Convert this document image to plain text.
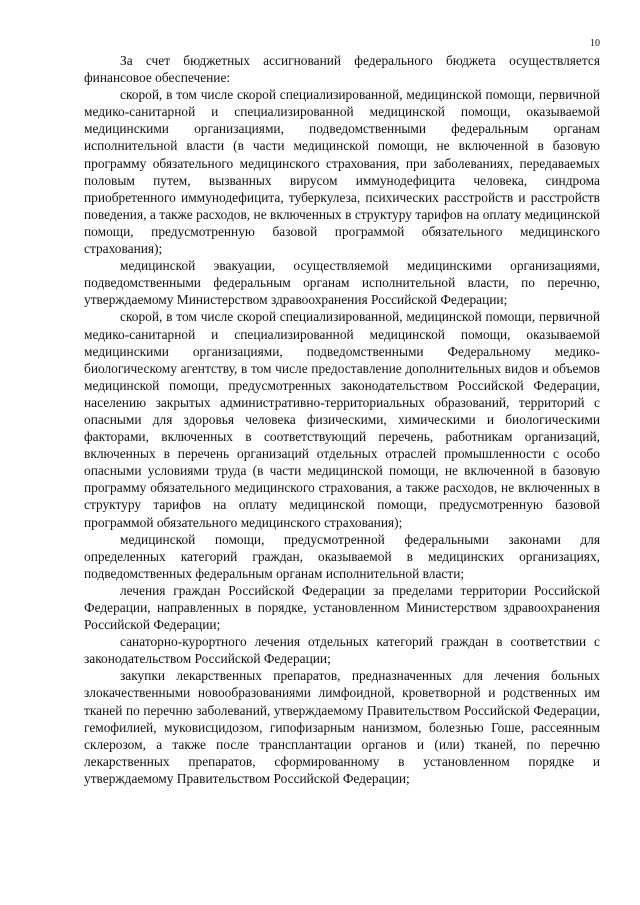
10

За счет бюджетных ассигнований федерального бюджета осуществляется финансовое обеспечение:

скорой, в том числе скорой специализированной, медицинской помощи, первичной медико-санитарной и специализированной медицинской помощи, оказываемой медицинскими организациями, подведомственными федеральным органам исполнительной власти (в части медицинской помощи, не включенной в базовую программу обязательного медицинского страхования, при заболеваниях, передаваемых половым путем, вызванных вирусом иммунодефицита человека, синдрома приобретенного иммунодефицита, туберкулеза, психических расстройств и расстройств поведения, а также расходов, не включенных в структуру тарифов на оплату медицинской помощи, предусмотренную базовой программой обязательного медицинского страхования);

медицинской эвакуации, осуществляемой медицинскими организациями, подведомственными федеральным органам исполнительной власти, по перечню, утверждаемому Министерством здравоохранения Российской Федерации;

скорой, в том числе скорой специализированной, медицинской помощи, первичной медико-санитарной и специализированной медицинской помощи, оказываемой медицинскими организациями, подведомственными Федеральному медико-биологическому агентству, в том числе предоставление дополнительных видов и объемов медицинской помощи, предусмотренных законодательством Российской Федерации, населению закрытых административно-территориальных образований, территорий с опасными для здоровья человека физическими, химическими и биологическими факторами, включенных в соответствующий перечень, работникам организаций, включенных в перечень организаций отдельных отраслей промышленности с особо опасными условиями труда (в части медицинской помощи, не включенной в базовую программу обязательного медицинского страхования, а также расходов, не включенных в структуру тарифов на оплату медицинской помощи, предусмотренную базовой программой обязательного медицинского страхования);

медицинской помощи, предусмотренной федеральными законами для определенных категорий граждан, оказываемой в медицинских организациях, подведомственных федеральным органам исполнительной власти;

лечения граждан Российской Федерации за пределами территории Российской Федерации, направленных в порядке, установленном Министерством здравоохранения Российской Федерации;

санаторно-курортного лечения отдельных категорий граждан в соответствии с законодательством Российской Федерации;

закупки лекарственных препаратов, предназначенных для лечения больных злокачественными новообразованиями лимфоидной, кроветворной и родственных им тканей по перечню заболеваний, утверждаемому Правительством Российской Федерации, гемофилией, муковисцидозом, гипофизарным нанизмом, болезнью Гоше, рассеянным склерозом, а также после трансплантации органов и (или) тканей, по перечню лекарственных препаратов, сформированному в установленном порядке и утверждаемому Правительством Российской Федерации;
